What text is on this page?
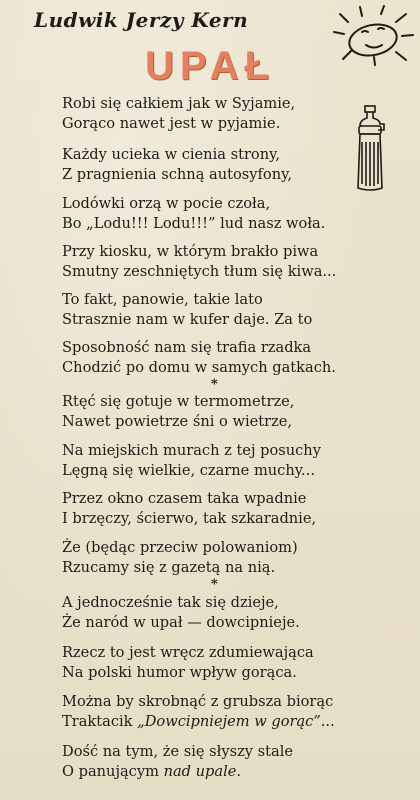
Ludwik Jerzy Kern
UPAŁ
Robi się całkiem jak w Syjamie,
Gorąco nawet jest w pyjamie.
Każdy ucieka w cienia strony,
Z pragnienia schną autosyfony,
Lodówki orzą w pocie czoła,
Bo „Lodu!!! Lodu!!!” lud nasz woła.
Przy kiosku, w którym brakło piwa
Smutny zeschniętych tłum się kiwa...
To fakt, panowie, takie lato
Strasznie nam w kufer daje. Za to
Sposobność nam się trafia rzadka
Chodzić po domu w samych gatkach.
*
Rtęć się gotuje w termometrze,
Nawet powietrze śni o wietrze,
Na miejskich murach z tej posuchy
Lęgną się wielkie, czarne muchy...
Przez okno czasem taka wpadnie
I brzęczy, ścierwo, tak szkaradnie,
Że (będąc przeciw polowaniom)
Rzucamy się z gazetą na nią.
*
A jednocześnie tak się dzieje,
Że naród w upał — dowcipnieje.
Rzecz to jest wręcz zdumiewająca
Na polski humor wpływ gorąca.
Można by skrobnąć z grubsza biorąc
Traktacik „Dowcipniejem w gorąc”...
Dość na tym, że się słyszy stale
O panującym nad upale.
